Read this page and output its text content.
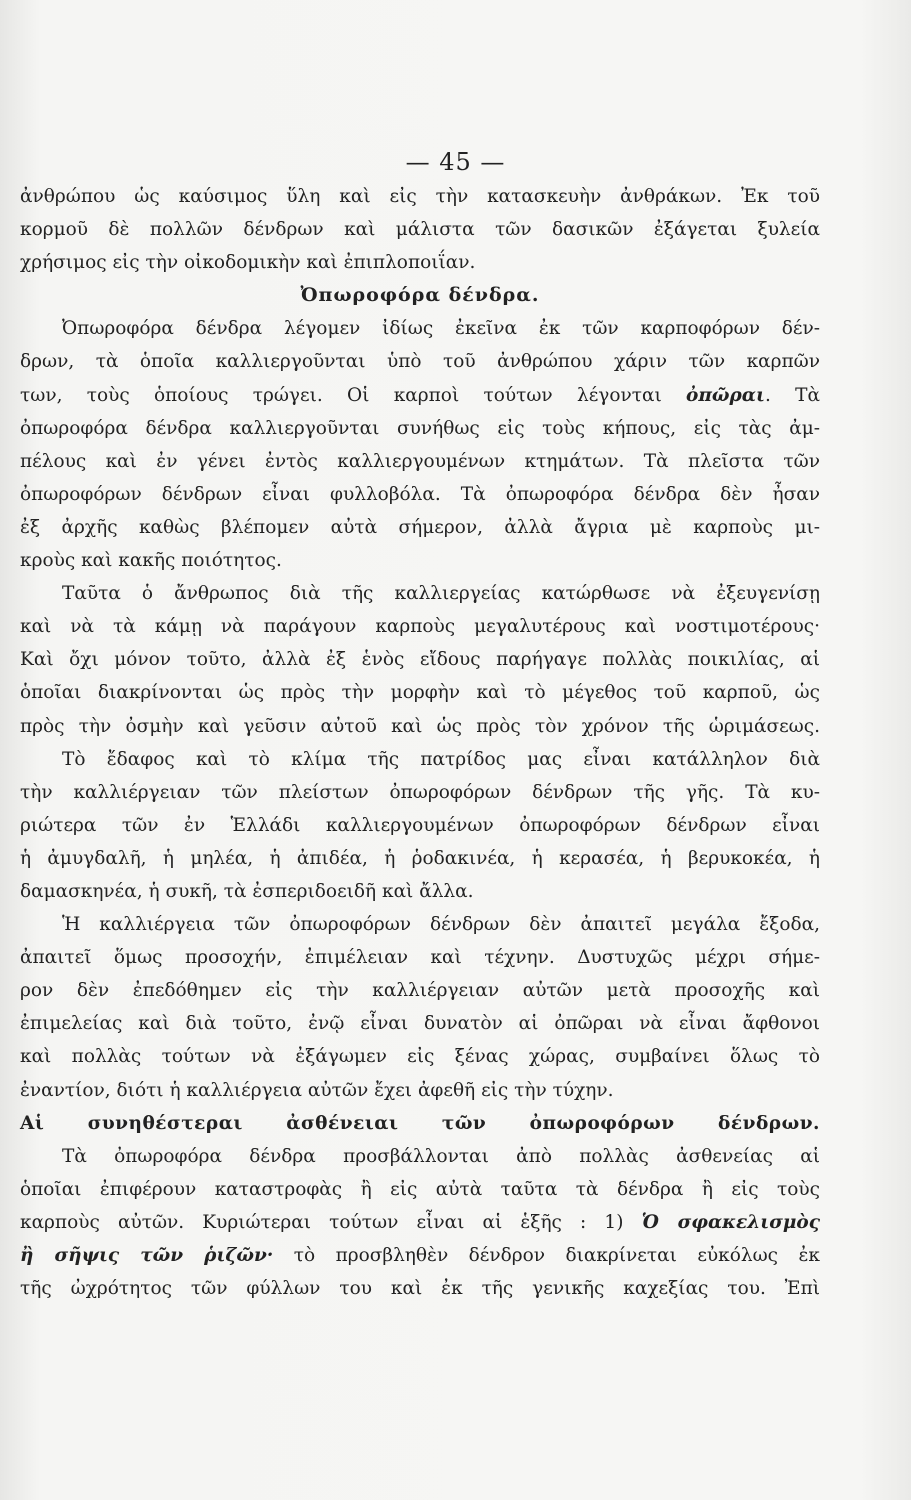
— 45 —
ἀνθρώπου ὡς καύσιμος ὕλη καὶ εἰς τὴν κατασκευὴν ἀνθράκων. Ἐκ τοῦ
κορμοῦ δὲ πολλῶν δένδρων καὶ μάλιστα τῶν δασικῶν ἐξάγεται ξυλεία
χρήσιμος εἰς τὴν οἰκοδομικὴν καὶ ἐπιπλοποιΐαν.
Ὀπωροφόρα δένδρα.
Ὀπωροφόρα δένδρα λέγομεν ἰδίως ἐκεῖνα ἐκ τῶν καρποφόρων δέν-
δρων, τὰ ὁποῖα καλλιεργοῦνται ὑπὸ τοῦ ἀνθρώπου χάριν τῶν καρπῶν
των, τοὺς ὁποίους τρώγει. Οἱ καρποὶ τούτων λέγονται ὀπῶραι. Τὰ
ὀπωροφόρα δένδρα καλλιεργοῦνται συνήθως εἰς τοὺς κήπους, εἰς τὰς ἀμ-
πέλους καὶ ἐν γένει ἐντὸς καλλιεργουμένων κτημάτων. Τὰ πλεῖστα τῶν
ὀπωροφόρων δένδρων εἶναι φυλλοβόλα. Τὰ ὀπωροφόρα δένδρα δὲν ἦσαν
ἐξ ἀρχῆς καθὼς βλέπομεν αὐτὰ σήμερον, ἀλλὰ ἄγρια μὲ καρποὺς μι-
κροὺς καὶ κακῆς ποιότητος.
Ταῦτα ὁ ἄνθρωπος διὰ τῆς καλλιεργείας κατώρθωσε νὰ ἐξευγενίσῃ
καὶ νὰ τὰ κάμῃ νὰ παράγουν καρποὺς μεγαλυτέρους καὶ νοστιμοτέρους·
Καὶ ὄχι μόνον τοῦτο, ἀλλὰ ἐξ ἑνὸς εἴδους παρήγαγε πολλὰς ποικιλίας, αἱ
ὁποῖαι διακρίνονται ὡς πρὸς τὴν μορφὴν καὶ τὸ μέγεθος τοῦ καρποῦ, ὡς
πρὸς τὴν ὀσμὴν καὶ γεῦσιν αὐτοῦ καὶ ὡς πρὸς τὸν χρόνον τῆς ὡριμάσεως.
Τὸ ἔδαφος καὶ τὸ κλίμα τῆς πατρίδος μας εἶναι κατάλληλον διὰ
τὴν καλλιέργειαν τῶν πλείστων ὀπωροφόρων δένδρων τῆς γῆς. Τὰ κυ-
ριώτερα τῶν ἐν Ἑλλάδι καλλιεργουμένων ὀπωροφόρων δένδρων εἶναι
ἡ ἀμυγδαλῆ, ἡ μηλέα, ἡ ἀπιδέα, ἡ ῥοδακινέα, ἡ κερασέα, ἡ βερυκοκέα, ἡ
δαμασκηνέα, ἡ συκῆ, τὰ ἐσπεριδοειδῆ καὶ ἄλλα.
Ἡ καλλιέργεια τῶν ὀπωροφόρων δένδρων δὲν ἀπαιτεῖ μεγάλα ἔξοδα,
ἀπαιτεῖ ὅμως προσοχήν, ἐπιμέλειαν καὶ τέχνην. Δυστυχῶς μέχρι σήμε-
ρον δὲν ἐπεδόθημεν εἰς τὴν καλλιέργειαν αὐτῶν μετὰ προσοχῆς καὶ
ἐπιμελείας καὶ διὰ τοῦτο, ἐνῷ εἶναι δυνατὸν αἱ ὀπῶραι νὰ εἶναι ἄφθονοι
καὶ πολλὰς τούτων νὰ ἐξάγωμεν εἰς ξένας χώρας, συμβαίνει ὅλως τὸ
ἐναντίον, διότι ἡ καλλιέργεια αὐτῶν ἔχει ἀφεθῆ εἰς τὴν τύχην.
Αἱ συνηθέστεραι ἀσθένειαι τῶν ὀπωροφόρων δένδρων.
Τὰ ὀπωροφόρα δένδρα προσβάλλονται ἀπὸ πολλὰς ἀσθενείας αἱ
ὁποῖαι ἐπιφέρουν καταστροφὰς ἢ εἰς αὐτὰ ταῦτα τὰ δένδρα ἢ εἰς τοὺς
καρποὺς αὐτῶν. Κυριώτεραι τούτων εἶναι αἱ ἑξῆς : 1) Ὁ σφακελισμὸς
ἢ σῆψις τῶν ῥιζῶν· τὸ προσβληθὲν δένδρον διακρίνεται εὐκόλως ἐκ
τῆς ὠχρότητος τῶν φύλλων του καὶ ἐκ τῆς γενικῆς καχεξίας του. Ἐπὶ
